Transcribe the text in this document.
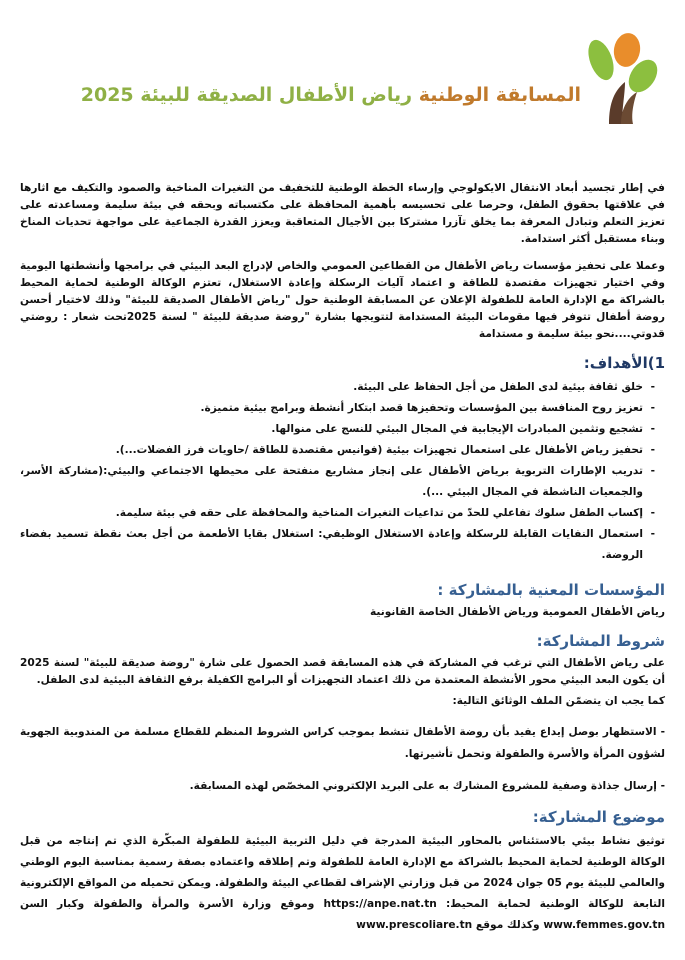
المسابقة الوطنية رياض الأطفال الصديقة للبيئة 2025

في إطار تجسيد أبعاد الانتقال الايكولوجي وإرساء الخطة الوطنية للتخفيف من التغيرات المناخية والصمود والتكيف مع اثارها في علاقتها بحقوق الطفل، وحرصا على تحسيسه بأهمية المحافظة على مكتسباته وبحقه في بيئة سليمة ومساعدته على تعزيز التعلم وتبادل المعرفة بما يخلق تآزرا مشتركا بين الأجيال المتعاقبة ويعزز القدرة الجماعية على مواجهة تحديات المناخ وبناء مستقبل أكثر استدامة.

وعملا على تحفيز مؤسسات رياض الأطفال من القطاعين العمومي والخاص لإدراج البعد البيئي في برامجها وأنشطتها اليومية وفي اختيار تجهيزات مقتصدة للطاقة و اعتماد آليات الرسكلة وإعادة الاستغلال، تعتزم الوكالة الوطنية لحماية المحيط بالشراكة مع الإدارة العامة للطفولة الإعلان عن المسابقة الوطنية حول "رياض الأطفال الصديقة للبيئة" وذلك لاختيار أحسن روضة أطفال تتوفر فيها مقومات البيئة المستدامة لتتويجها بشارة "روضة صديقة للبيئة " لسنة 2025تحت شعار : روضتي قدوتي....نحو بيئة سليمة و مستدامة

1)الأهداف:
- خلق ثقافة بيئية لدى الطفل من أجل الحفاظ على البيئة.
- تعزيز روح المنافسة بين المؤسسات وتحفيزها قصد ابتكار أنشطة وبرامج بيئية متميزة.
- تشجيع وتثمين المبادرات الإيجابية في المجال البيئي للنسج على منوالها.
- تحفيز رياض الأطفال على استعمال تجهيزات بيئية (فوانيس مقتصدة للطاقة /حاويات فرز الفضلات...).
- تدريب الإطارات التربوية برياض الأطفال على إنجاز مشاريع منفتحة على محيطها الاجتماعي والبيئي:(مشاركة الأسر، والجمعيات الناشطة في المجال البيئي ...).
- إكساب الطفل سلوك تفاعلي للحدّ من تداعيات التغيرات المناخية والمحافظة على حقه في بيئة سليمة.
- استعمال النفايات القابلة للرسكلة وإعادة الاستغلال الوظيفي: استغلال بقايا الأطعمة من أجل بعث نقطة تسميد بفضاء الروضة.
المؤسسات المعنية بالمشاركة :

رياض الأطفال العمومية ورياض الأطفال الخاصة القانونية

شروط المشاركة:

على رياض الأطفال التي ترغب في المشاركة في هذه المسابقة قصد الحصول على شارة "روضة صديقة للبيئة" لسنة 2025 أن يكون البعد البيئي محور الأنشطة المعتمدة من ذلك اعتماد التجهيزات أو البرامج الكفيلة برفع الثقافة البيئية لدى الطفل.

كما يجب ان يتضمّن الملف الوثائق التالية:

- الاستظهار بوصل إيداع يفيد بأن روضة الأطفال تنشط بموجب كراس الشروط المنظم للقطاع مسلمة من المندوبية الجهوية لشؤون المرأة والأسرة والطفولة وتحمل تأشيرتها.

- إرسال جذاذة وصفية للمشروع المشارك به على البريد الإلكتروني المخصّص لهذه المسابقة.

موضوع المشاركة:

توثيق نشاط بيئي بالاستئناس بالمحاور البيئية المدرجة في دليل التربية البيئية للطفولة المبكّرة الذي تم إنتاجه من قبل الوكالة الوطنية لحماية المحيط بالشراكة مع الإدارة العامة للطفولة وتم إطلاقه واعتماده بصفة رسمية بمناسبة اليوم الوطني والعالمي للبيئة يوم 05 جوان 2024 من قبل وزارتي الإشراف لقطاعي البيئة والطفولة. ويمكن تحميله من المواقع الإلكترونية التابعة للوكالة الوطنية لحماية المحيط: https://anpe.nat.tn وموقع وزارة الأسرة والمرأة والطفولة وكبار السن www.femmes.gov.tn وكذلك موقع www.prescoliare.tn
